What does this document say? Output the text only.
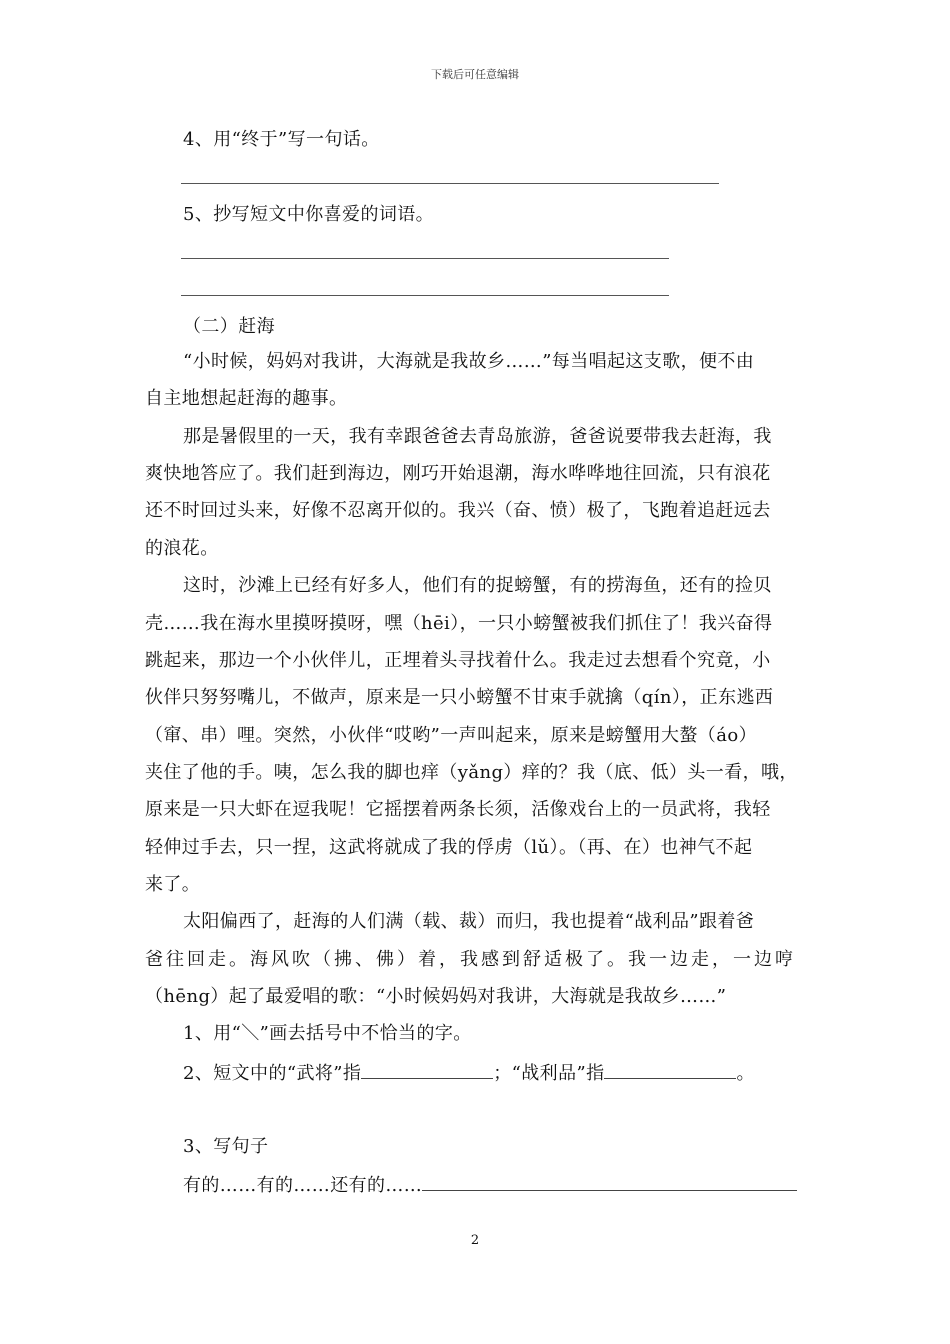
下载后可任意编辑
4、用“终于”写一句话。
5、抄写短文中你喜爱的词语。
（二）赶海
“小时候，妈妈对我讲，大海就是我故乡……”每当唱起这支歌，便不由
自主地想起赶海的趣事。
那是暑假里的一天，我有幸跟爸爸去青岛旅游，爸爸说要带我去赶海，我
爽快地答应了。我们赶到海边，刚巧开始退潮，海水哗哗地往回流，只有浪花
还不时回过头来，好像不忍离开似的。我兴（奋、愤）极了，飞跑着追赶远去
的浪花。
这时，沙滩上已经有好多人，他们有的捉螃蟹，有的捞海鱼，还有的捡贝
壳……我在海水里摸呀摸呀，嘿（hēi），一只小螃蟹被我们抓住了！我兴奋得
跳起来，那边一个小伙伴儿，正埋着头寻找着什么。我走过去想看个究竟，小
伙伴只努努嘴儿，不做声，原来是一只小螃蟹不甘束手就擒（qín），正东逃西
（窜、串）哩。突然，小伙伴“哎哟”一声叫起来，原来是螃蟹用大螯（áo）
夹住了他的手。咦，怎么我的脚也痒（yǎng）痒的？我（底、低）头一看，哦，
原来是一只大虾在逗我呢！它摇摆着两条长须，活像戏台上的一员武将，我轻
轻伸过手去，只一捏，这武将就成了我的俘虏（lǔ）。（再、在）也神气不起
来了。
太阳偏西了，赶海的人们满（载、裁）而归，我也提着“战利品”跟着爸
爸往回走。海风吹（拂、佛）着，我感到舒适极了。我一边走，一边哼
（hēng）起了最爱唱的歌：“小时候妈妈对我讲，大海就是我故乡……”
1、用“＼”画去括号中不恰当的字。
2、短文中的“武将”指	；“战利品”指	。
3、写句子
有的……有的……还有的……
2
